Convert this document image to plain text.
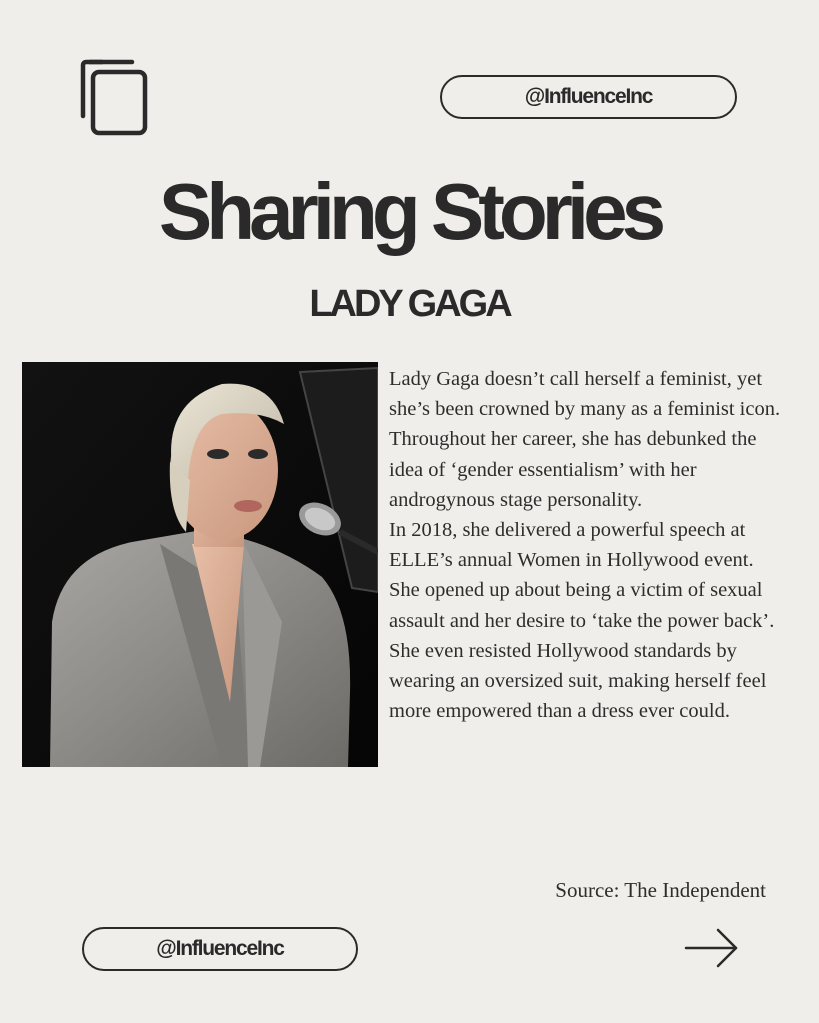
@InfluenceInc
Sharing Stories
LADY GAGA

Lady Gaga doesn’t call herself a feminist, yet she’s been crowned by many as a feminist icon. Throughout her career, she has debunked the idea of ‘gender essentialism’ with her androgynous stage personality.

In 2018, she delivered a powerful speech at ELLE’s annual Women in Hollywood event. She opened up about being a victim of sexual assault and her desire to ‘take the power back’. She even resisted Hollywood standards by wearing an oversized suit, making herself feel more empowered than a dress ever could.

Source: The Independent
@InfluenceInc
